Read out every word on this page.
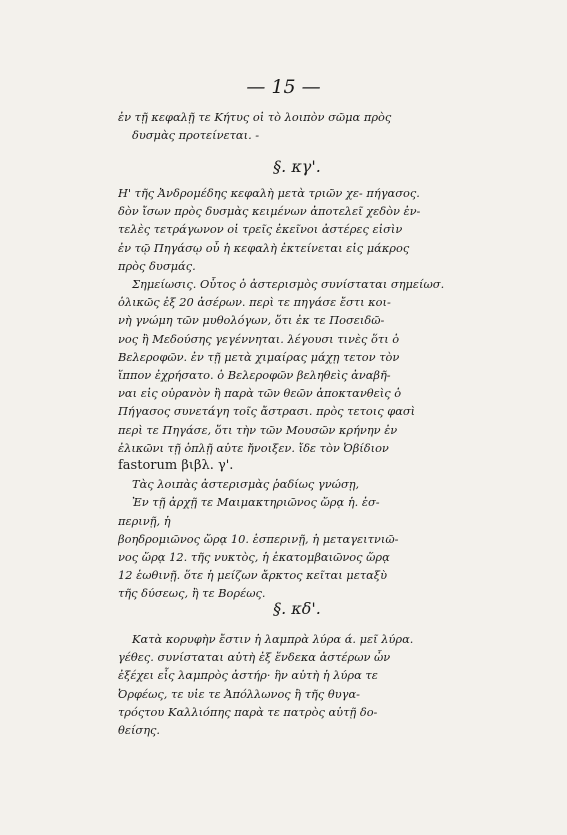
— 15 —
ἐν τῇ κεφαλῇ τε Κήτυς οἱ τὸ λοιπὸν σῶμα πρὸς
δυσμὰς προτείνεται. -
§. κγ'.
Η' τῆς Ἀνδρομέδης κεφαλὴ μετὰ τριῶν χε- πήγασος.
δὸν ἴσων πρὸς δυσμὰς κειμένων ἀποτελεῖ χεδὸν ἐν-
τελὲς τετράγωνον οἱ τρεῖς ἐκεῖνοι ἀστέρες εἰσὶν
ἐν τῷ Πηγάσῳ οὗ ἡ κεφαλὴ ἐκτείνεται εἰς μάκρος
πρὸς δυσμάς.
Σημείωσις. Οὗτος ὁ ἀστερισμὸς συνίσταται σημείωσ.
ὁλικῶς ἐξ 20 ἀσέρων. περὶ τε πηγάσε ἔστι κοι-
νὴ γνώμη τῶν μυθολόγων, ὅτι ἐκ τε Ποσειδῶ-
νος ἢ Μεδούσης γεγέννηται. λέγουσι τινὲς ὅτι ὁ
Βελεροφῶν. ἐν τῇ μετὰ χιμαίρας μάχῃ τετον τὸν
ἵππον ἐχρήσατο. ὁ Βελεροφῶν βεληθεὶς ἀναβῆ-
ναι εἰς οὐρανὸν ἢ παρὰ τῶν θεῶν ἀποκτανθεὶς ὁ
Πήγασος συνετάγη τοῖς ἄστρασι. πρὸς τετοις φασὶ
περὶ τε Πηγάσε, ὅτι τὴν τῶν Μουσῶν κρήνην ἐν
ἐλικῶνι τῇ ὁπλῇ αὐτε ἤνοιξεν. ἴδε τὸν Ὀβίδιον
fastorum βιβλ. γ'.
Τὰς λοιπὰς ἀστερισμὰς ῥαδίως γνώσῃ,
Ἐν τῇ ἀρχῇ τε Μαιμακτηριῶνος ὥρᾳ ἡ. ἑσ-
περινῇ, ἡ
βοηδρομιῶνος ὥρᾳ 10. ἑσπερινῇ, ἡ μεταγειτνιῶ-
νος ὥρᾳ 12. τῆς νυκτὸς, ἡ ἑκατομβαιῶνος ὥρᾳ
12 ἑωθινῇ. ὅτε ἡ μείζων ἄρκτος κεῖται μεταξὺ
τῆς δύσεως, ἢ τε Βορέως.
§. κδ'.
Κατὰ κορυφὴν ἔστιν ἡ λαμπρὰ λύρα ά. μεῖ λύρα.
γέθες. συνίσταται αὐτὴ ἐξ ἕνδεκα ἀστέρων ὧν
ἐξέχει εἷς λαμπρὸς ἀστήρ· ἣν αὐτὴ ἡ λύρα τε
Ὀρφέως, τε υἱε τε Ἀπόλλωνος ἢ τῆς θυγα-
τρόςτου Καλλιόπης παρὰ τε πατρὸς αὐτῇ δο-
θείσης.
